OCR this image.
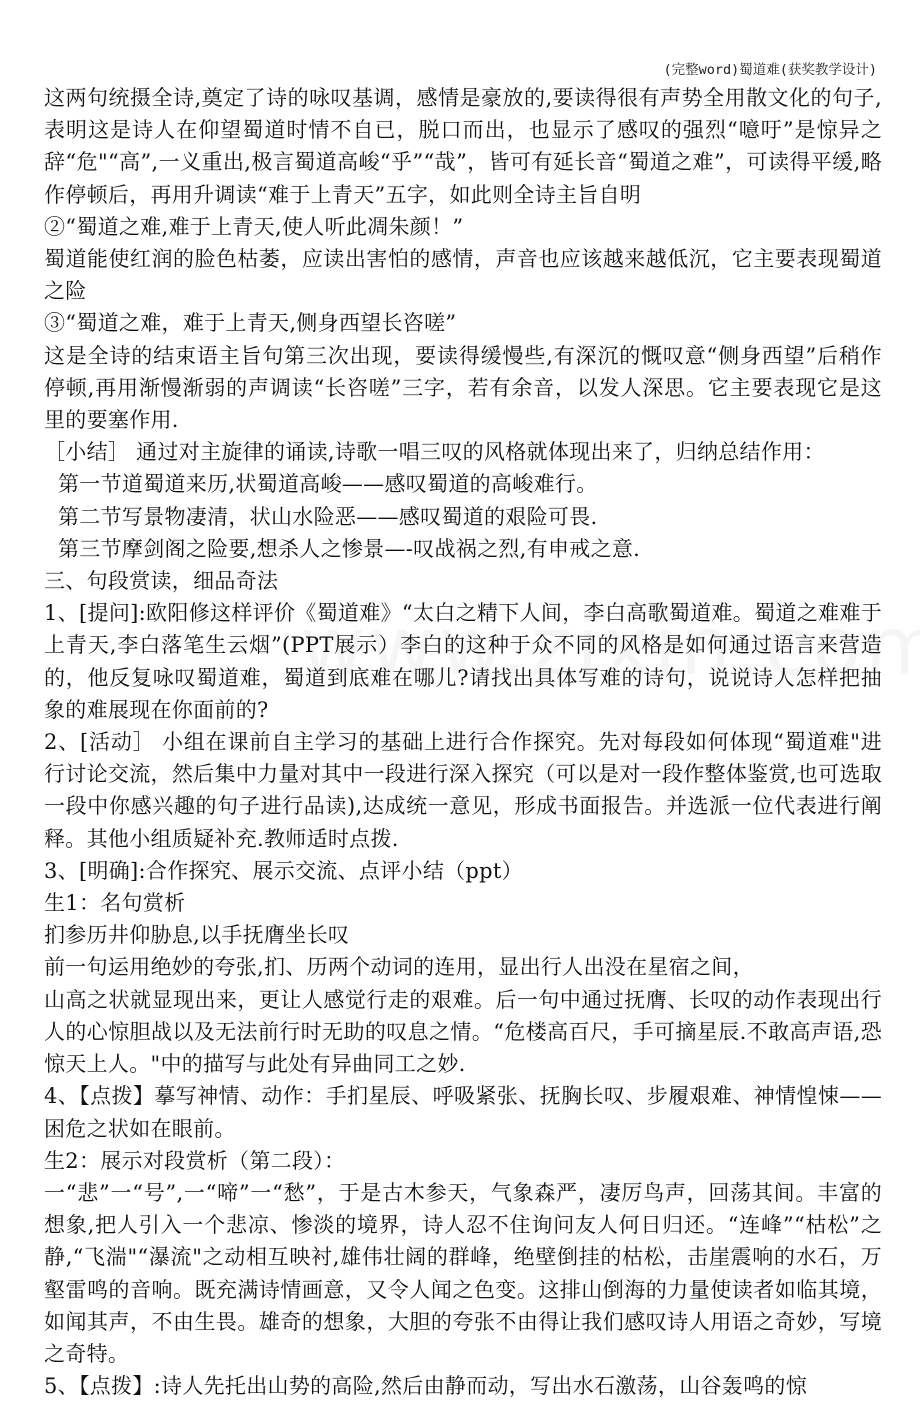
(完整word)蜀道难(获奖教学设计)

这两句统摄全诗,奠定了诗的咏叹基调，感情是豪放的,要读得很有声势全用散文化的句子,表明这是诗人在仰望蜀道时情不自已，脱口而出，也显示了感叹的强烈“噫吁”是惊异之辞“危"“高”,一义重出,极言蜀道高峻“乎”“哉”，皆可有延长音“蜀道之难”，可读得平缓,略作停顿后，再用升调读“难于上青天”五字，如此则全诗主旨自明

②“蜀道之难,难于上青天,使人听此凋朱颜！”

蜀道能使红润的脸色枯萎，应读出害怕的感情，声音也应该越来越低沉，它主要表现蜀道之险

③“蜀道之难，难于上青天,侧身西望长咨嗟”

这是全诗的结束语主旨句第三次出现，要读得缓慢些,有深沉的慨叹意“侧身西望”后稍作停顿,再用渐慢渐弱的声调读“长咨嗟”三字，若有余音，以发人深思。它主要表现它是这里的要塞作用.

［小结］ 通过对主旋律的诵读,诗歌一唱三叹的风格就体现出来了，归纳总结作用：

第一节道蜀道来历,状蜀道高峻——感叹蜀道的高峻难行。

第二节写景物凄清，状山水险恶——感叹蜀道的艰险可畏.

第三节摩剑阁之险要,想杀人之惨景—-叹战祸之烈,有申戒之意.

三、句段赏读，细品奇法

1、[提问]:欧阳修这样评价《蜀道难》“太白之精下人间，李白高歌蜀道难。蜀道之难难于上青天,李白落笔生云烟”(PPT展示）李白的这种于众不同的风格是如何通过语言来营造的，他反复咏叹蜀道难，蜀道到底难在哪儿?请找出具体写难的诗句，说说诗人怎样把抽象的难展现在你面前的?

2、[活动］ 小组在课前自主学习的基础上进行合作探究。先对每段如何体现“蜀道难"进行讨论交流，然后集中力量对其中一段进行深入探究（可以是对一段作整体鉴赏,也可选取一段中你感兴趣的句子进行品读),达成统一意见，形成书面报告。并选派一位代表进行阐释。其他小组质疑补充.教师适时点拨.

3、[明确]:合作探究、展示交流、点评小结（ppt）

生1：名句赏析

扪参历井仰胁息,以手抚膺坐长叹

前一句运用绝妙的夸张,扪、历两个动词的连用，显出行人出没在星宿之间，

山高之状就显现出来，更让人感觉行走的艰难。后一句中通过抚膺、长叹的动作表现出行人的心惊胆战以及无法前行时无助的叹息之情。“危楼高百尺，手可摘星辰.不敢高声语,恐惊天上人。"中的描写与此处有异曲同工之妙.

4、【点拨】摹写神情、动作：手扪星辰、呼吸紧张、抚胸长叹、步履艰难、神情惶悚——困危之状如在眼前。

生2：展示对段赏析（第二段）：

一“悲”一“号”,一“啼”一“愁”，于是古木参天，气象森严，凄厉鸟声，回荡其间。丰富的想象,把人引入一个悲凉、惨淡的境界，诗人忍不住询问友人何日归还。“连峰”“枯松”之静,“飞湍"“瀑流"之动相互映衬,雄伟壮阔的群峰，绝壁倒挂的枯松，击崖震响的水石，万壑雷鸣的音响。既充满诗情画意，又令人闻之色变。这排山倒海的力量使读者如临其境，如闻其声，不由生畏。雄奇的想象，大胆的夸张不由得让我们感叹诗人用语之奇妙，写境之奇特。

5、【点拨】:诗人先托出山势的高险,然后由静而动，写出水石激荡，山谷轰鸣的惊
